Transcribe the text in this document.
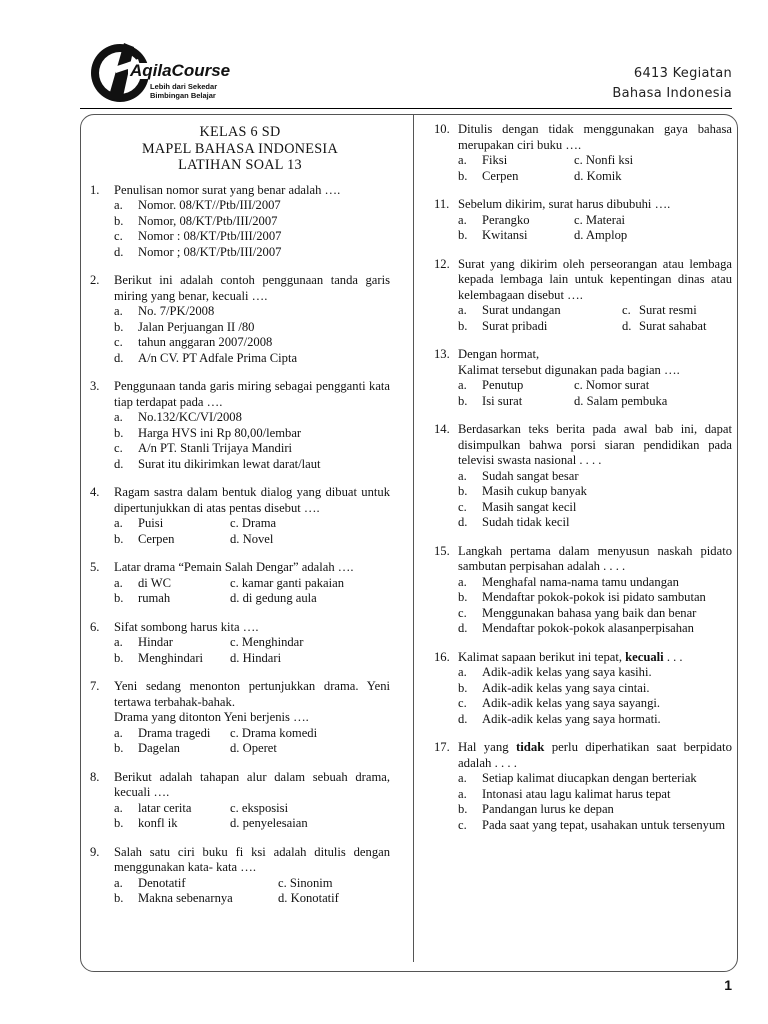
AqilaCourse
Lebih dari Sekedar
Bimbingan Belajar
6413 Kegiatan
Bahasa Indonesia
KELAS 6 SD
MAPEL BAHASA INDONESIA
LATIHAN SOAL 13
1.	Penulisan nomor surat yang benar adalah ….
a.	Nomor. 08/KT//Ptb/III/2007
b.	Nomor, 08/KT/Ptb/III/2007
c.	Nomor : 08/KT/Ptb/III/2007
d.	Nomor ; 08/KT/Ptb/III/2007
2.	Berikut ini adalah contoh penggunaan tanda garis miring yang benar, kecuali ….
a.	No. 7/PK/2008
b.	Jalan Perjuangan II /80
c.	tahun anggaran 2007/2008
d.	A/n CV. PT Adfale Prima Cipta
3.	Penggunaan tanda garis miring sebagai pengganti kata tiap terdapat pada ….
a.	No.132/KC/VI/2008
b.	Harga HVS ini Rp 80,00/lembar
c.	A/n PT. Stanli Trijaya Mandiri
d.	Surat itu dikirimkan lewat darat/laut
4.	Ragam sastra dalam bentuk dialog yang dibuat untuk dipertunjukkan di atas pentas disebut ….
a.	Puisi	c. Drama
b.	Cerpen	d. Novel
5.	Latar drama “Pemain Salah Dengar” adalah ….
a.	di WC	c. kamar ganti pakaian
b.	rumah	d. di gedung aula
6.	Sifat sombong harus kita ….
a.	Hindar	c. Menghindar
b.	Menghindari d. Hindari
7.	Yeni sedang menonton pertunjukkan drama. Yeni tertawa terbahak-bahak.
Drama yang ditonton Yeni berjenis ….
a.	Drama tragedi c. Drama komedi
b.	Dagelan	d. Operet
8.	Berikut adalah tahapan alur dalam sebuah drama, kecuali ….
a.	latar cerita	c. eksposisi
b.	konfl ik	d. penyelesaian
9.	Salah satu ciri buku fi ksi adalah ditulis dengan menggunakan kata- kata ….
a.	Denotatif	c. Sinonim
b.	Makna sebenarnya	d. Konotatif
10. Ditulis dengan tidak menggunakan gaya bahasa merupakan ciri buku ….
a.	Fiksi	c. Nonfi ksi
b.	Cerpen	d. Komik
11. Sebelum dikirim, surat harus dibubuhi ….
a.	Perangko	c. Materai
b.	Kwitansi	d. Amplop
12. Surat yang dikirim oleh perseorangan atau lembaga kepada lembaga lain untuk kepentingan dinas atau kelembagaan disebut ….
a.	Surat undangan	c. Surat resmi
b.	Surat pribadi	d. Surat sahabat
13. Dengan hormat,
Kalimat tersebut digunakan pada bagian ….
a.	Penutup	c. Nomor surat
b.	Isi surat	d. Salam pembuka
14. Berdasarkan teks berita pada awal bab ini, dapat disimpulkan bahwa porsi siaran pendidikan pada televisi swasta nasional . . . .
a.	Sudah sangat besar
b.	Masih cukup banyak
c.	Masih sangat kecil
d.	Sudah tidak kecil
15. Langkah pertama dalam menyusun naskah pidato sambutan perpisahan adalah . . . .
a.	Menghafal nama-nama tamu undangan
b.	Mendaftar pokok-pokok isi pidato sambutan
c.	Menggunakan bahasa yang baik dan benar
d.	Mendaftar pokok-pokok alasanperpisahan
16. Kalimat sapaan berikut ini tepat, kecuali . . .
a.	Adik-adik kelas yang saya kasihi.
b.	Adik-adik kelas yang saya cintai.
c.	Adik-adik kelas yang saya sayangi.
d.	Adik-adik kelas yang saya hormati.
17. Hal yang tidak perlu diperhatikan saat berpidato adalah . . . .
a.	Setiap kalimat diucapkan dengan berteriak
a.	Intonasi atau lagu kalimat harus tepat
b.	Pandangan lurus ke depan
c.	Pada saat yang tepat, usahakan untuk tersenyum
1
